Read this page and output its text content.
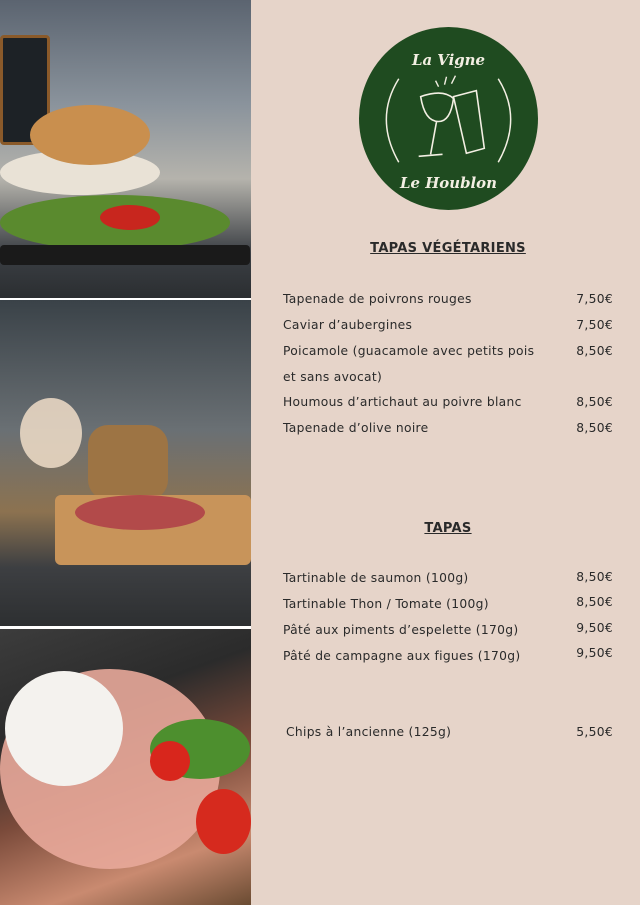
La Vigne
Le Houblon
TAPAS VÉGÉTARIENS
Tapenade de poivrons rouges	7,50€
Caviar d’aubergines	7,50€
Poicamole (guacamole avec petits pois	8,50€
et sans avocat)
Houmous d’artichaut au poivre blanc	8,50€
Tapenade d’olive noire	8,50€
TAPAS
Tartinable de saumon (100g)	8,50€
Tartinable Thon / Tomate (100g)	8,50€
Pâté aux piments d’espelette (170g)	9,50€
Pâté de campagne aux figues (170g)	9,50€
Chips à l’ancienne (125g)	5,50€
